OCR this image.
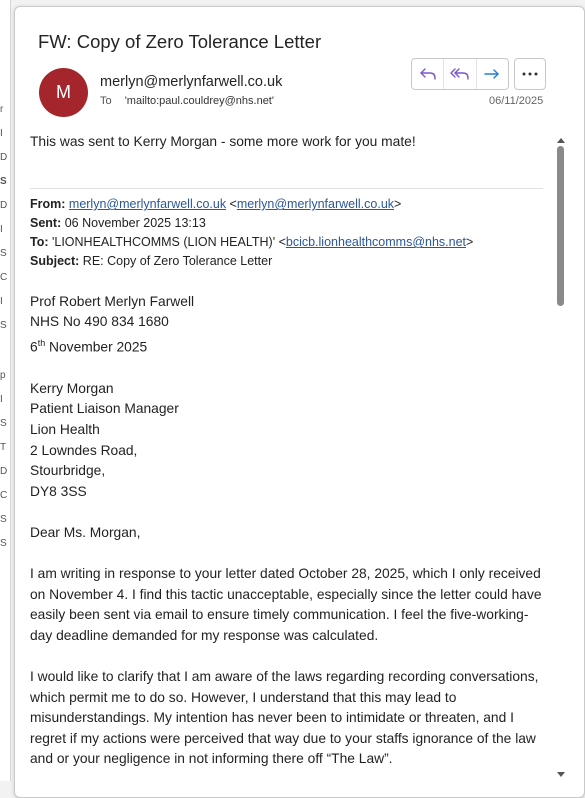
r
I
D
S
D
I
S
C
I
S
p
I
S
T
D
C
S
S
FW: Copy of Zero Tolerance Letter
M merlyn@merlynfarwell.co.uk
To 'mailto:paul.couldrey@nhs.net'	06/11/2025

This was sent to Kerry Morgan - some more work for you mate!

From: merlyn@merlynfarwell.co.uk <merlyn@merlynfarwell.co.uk>
Sent: 06 November 2025 13:13
To: 'LIONHEALTHCOMMS (LION HEALTH)' <bcicb.lionhealthcomms@nhs.net>
Subject: RE: Copy of Zero Tolerance Letter

Prof Robert Merlyn Farwell

NHS No 490 834 1680

6th November 2025

Kerry Morgan

Patient Liaison Manager

Lion Health

2 Lowndes Road,

Stourbridge,

DY8 3SS

Dear Ms. Morgan,

I am writing in response to your letter dated October 28, 2025, which I only received on November 4. I find this tactic unacceptable, especially since the letter could have easily been sent via email to ensure timely communication. I feel the five-working-day deadline demanded for my response was calculated.

I would like to clarify that I am aware of the laws regarding recording conversations, which permit me to do so. However, I understand that this may lead to misunderstandings. My intention has never been to intimidate or threaten, and I regret if my actions were perceived that way due to your staffs ignorance of the law and or your negligence in not informing there off “The Law”.
